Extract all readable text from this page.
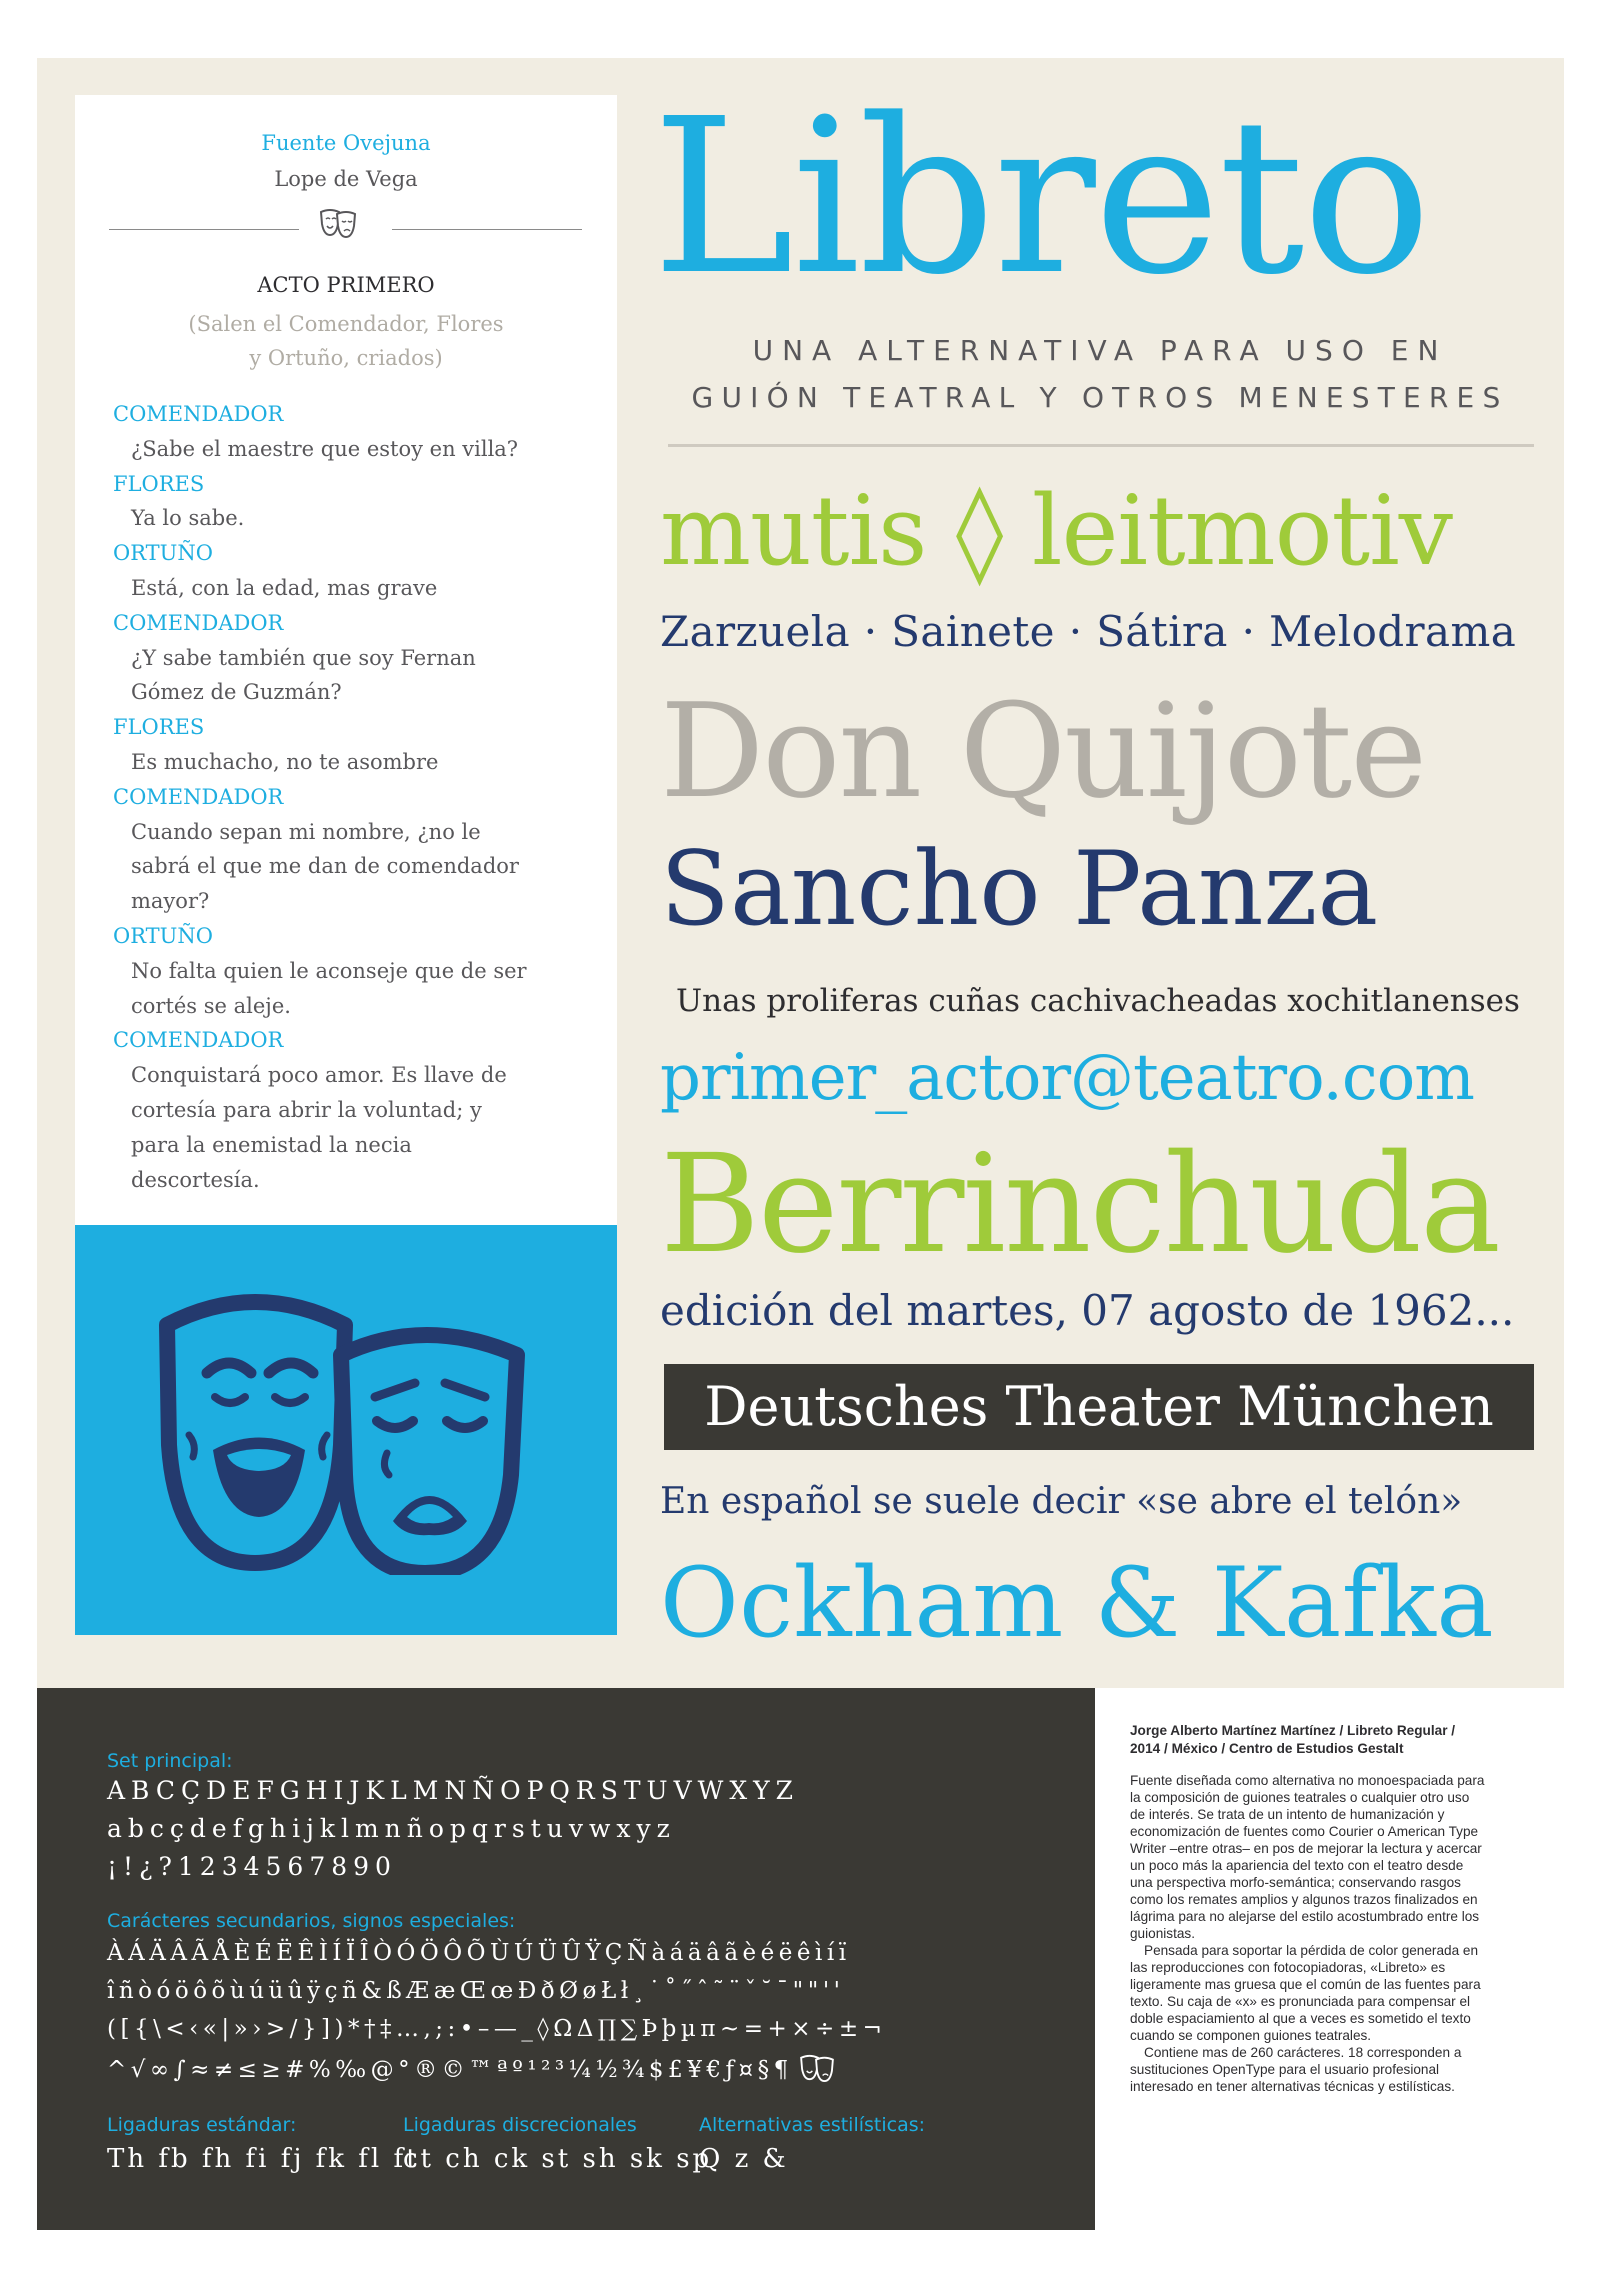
Fuente Ovejuna
Lope de Vega
ACTO PRIMERO
(Salen el Comendador, Flores
y Ortuño, criados)
COMENDADOR
¿Sabe el maestre que estoy en villa?
FLORES
Ya lo sabe.
ORTUÑO
Está, con la edad, mas grave
COMENDADOR
¿Y sabe también que soy Fernan
Gómez de Guzmán?
FLORES
Es muchacho, no te asombre
COMENDADOR
Cuando sepan mi nombre, ¿no le
sabrá el que me dan de comendador
mayor?
ORTUÑO
No falta quien le aconseje que de ser
cortés se aleje.
COMENDADOR
Conquistará poco amor. Es llave de
cortesía para abrir la voluntad; y
para la enemistad la necia
descortesía.
Libreto
UNA ALTERNATIVA PARA USO EN
GUIÓN TEATRAL Y OTROS MENESTERES
mutis ◊ leitmotiv
Zarzuela · Sainete · Sátira · Melodrama
Don Quijote
Sancho Panza
Unas proliferas cuñas cachivacheadas xochitlanenses
primer_actor@teatro.com
Berrinchuda
edición del martes, 07 agosto de 1962...
Deutsches Theater München
En español se suele decir «se abre el telón»
Ockham & Kafka
Set principal:
ABCÇDEFGHIJKLMNÑOPQRSTUVWXYZ
abcçdefghijklmnñopqrstuvwxyz
¡!¿?1234567890
Carácteres secundarios, signos especiales:
ÀÁÄÂÃÅÈÉËÊÌÍÏÎÒÓÖÔÕÙÚÜÛŸÇÑàáäâãèéëêìíï
îñòóöôõùúüûÿçñ&ßÆæŒœÐðØøŁł¸˙˚˝ˆ˜¨ˇ˘¯""''
([{\<‹«|»›>/}])*†‡…,;:•–—_◊ΩΔ∏∑Þþµπ~=+×÷±¬
^√∞∫≈≠≤≥#%‰@°®©™ªº¹²³¼½¾$£¥€ƒ¤§¶
Ligaduras estándar:
Th fb fh fi fj fk fl ft
Ligaduras discrecionales
ct ch ck st sh sk sp
Alternativas estilísticas:
Q z &
Jorge Alberto Martínez Martínez / Libreto Regular / 2014 / México / Centro de Estudios Gestalt

Fuente diseñada como alternativa no monoespaciada para la composición de guiones teatrales o cualquier otro uso de interés. Se trata de un intento de humanización y economización de fuentes como Courier o American Type Writer –entre otras– en pos de mejorar la lectura y acercar un poco más la apariencia del texto con el teatro desde una perspectiva morfo-semántica; conservando rasgos como los remates amplios y algunos trazos finalizados en lágrima para no alejarse del estilo acostumbrado entre los guionistas.

Pensada para soportar la pérdida de color generada en las reproducciones con fotocopiadoras, «Libreto» es ligeramente mas gruesa que el común de las fuentes para texto. Su caja de «x» es pronunciada para compensar el doble espaciamiento al que a veces es sometido el texto cuando se componen guiones teatrales.

Contiene mas de 260 carácteres. 18 corresponden a sustituciones OpenType para el usuario profesional interesado en tener alternativas técnicas y estilísticas.
